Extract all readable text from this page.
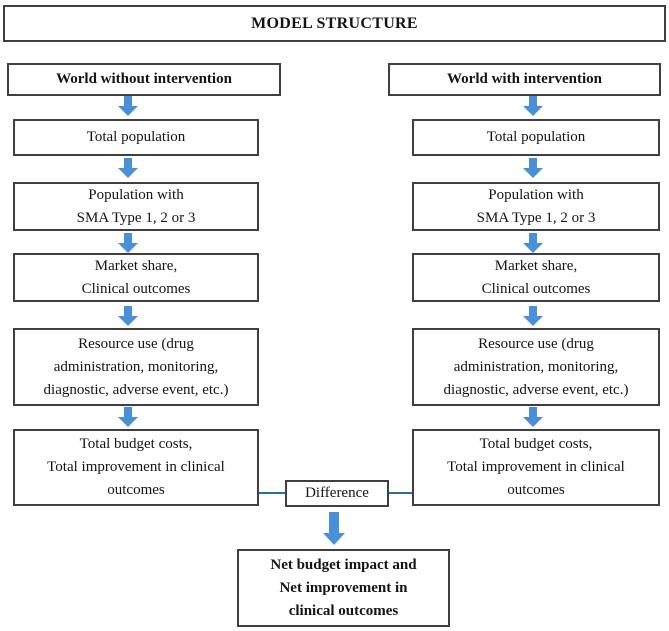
MODEL STRUCTURE
World without intervention	World with intervention
Total population
Population with
SMA Type 1, 2 or 3
Market share,
Clinical outcomes
Resource use (drug
administration, monitoring,
diagnostic, adverse event, etc.)
Total budget costs,
Total improvement in clinical
outcomes
Total population
Population with
SMA Type 1, 2 or 3
Market share,
Clinical outcomes
Resource use (drug
administration, monitoring,
diagnostic, adverse event, etc.)
Total budget costs,
Total improvement in clinical
outcomes
Difference
Net budget impact and
Net improvement in
clinical outcomes
